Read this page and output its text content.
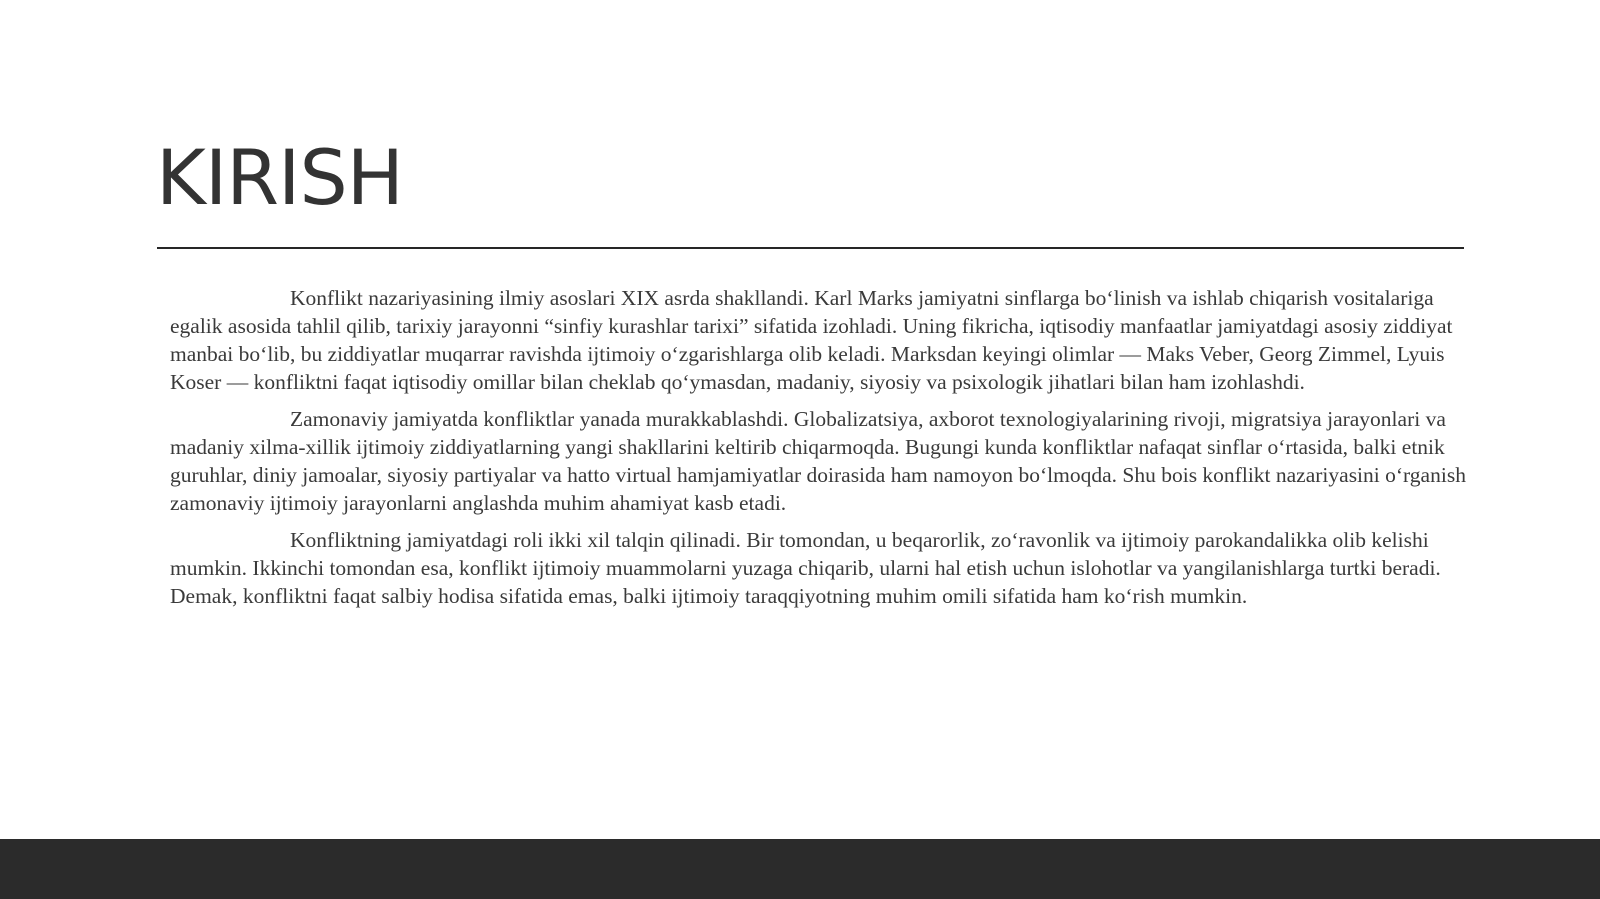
KIRISH

Konflikt nazariyasining ilmiy asoslari XIX asrda shakllandi. Karl Marks jamiyatni sinflarga boʻlinish va ishlab chiqarish vositalariga egalik asosida tahlil qilib, tarixiy jarayonni “sinfiy kurashlar tarixi” sifatida izohladi. Uning fikricha, iqtisodiy manfaatlar jamiyatdagi asosiy ziddiyat manbai boʻlib, bu ziddiyatlar muqarrar ravishda ijtimoiy oʻzgarishlarga olib keladi. Marksdan keyingi olimlar — Maks Veber, Georg Zimmel, Lyuis Koser — konfliktni faqat iqtisodiy omillar bilan cheklab qoʻymasdan, madaniy, siyosiy va psixologik jihatlari bilan ham izohlashdi.

Zamonaviy jamiyatda konfliktlar yanada murakkablashdi. Globalizatsiya, axborot texnologiyalarining rivoji, migratsiya jarayonlari va madaniy xilma-xillik ijtimoiy ziddiyatlarning yangi shakllarini keltirib chiqarmoqda. Bugungi kunda konfliktlar nafaqat sinflar oʻrtasida, balki etnik guruhlar, diniy jamoalar, siyosiy partiyalar va hatto virtual hamjamiyatlar doirasida ham namoyon boʻlmoqda. Shu bois konflikt nazariyasini oʻrganish zamonaviy ijtimoiy jarayonlarni anglashda muhim ahamiyat kasb etadi.

Konfliktning jamiyatdagi roli ikki xil talqin qilinadi. Bir tomondan, u beqarorlik, zoʻravonlik va ijtimoiy parokandalikka olib kelishi mumkin. Ikkinchi tomondan esa, konflikt ijtimoiy muammolarni yuzaga chiqarib, ularni hal etish uchun islohotlar va yangilanishlarga turtki beradi. Demak, konfliktni faqat salbiy hodisa sifatida emas, balki ijtimoiy taraqqiyotning muhim omili sifatida ham koʻrish mumkin.
